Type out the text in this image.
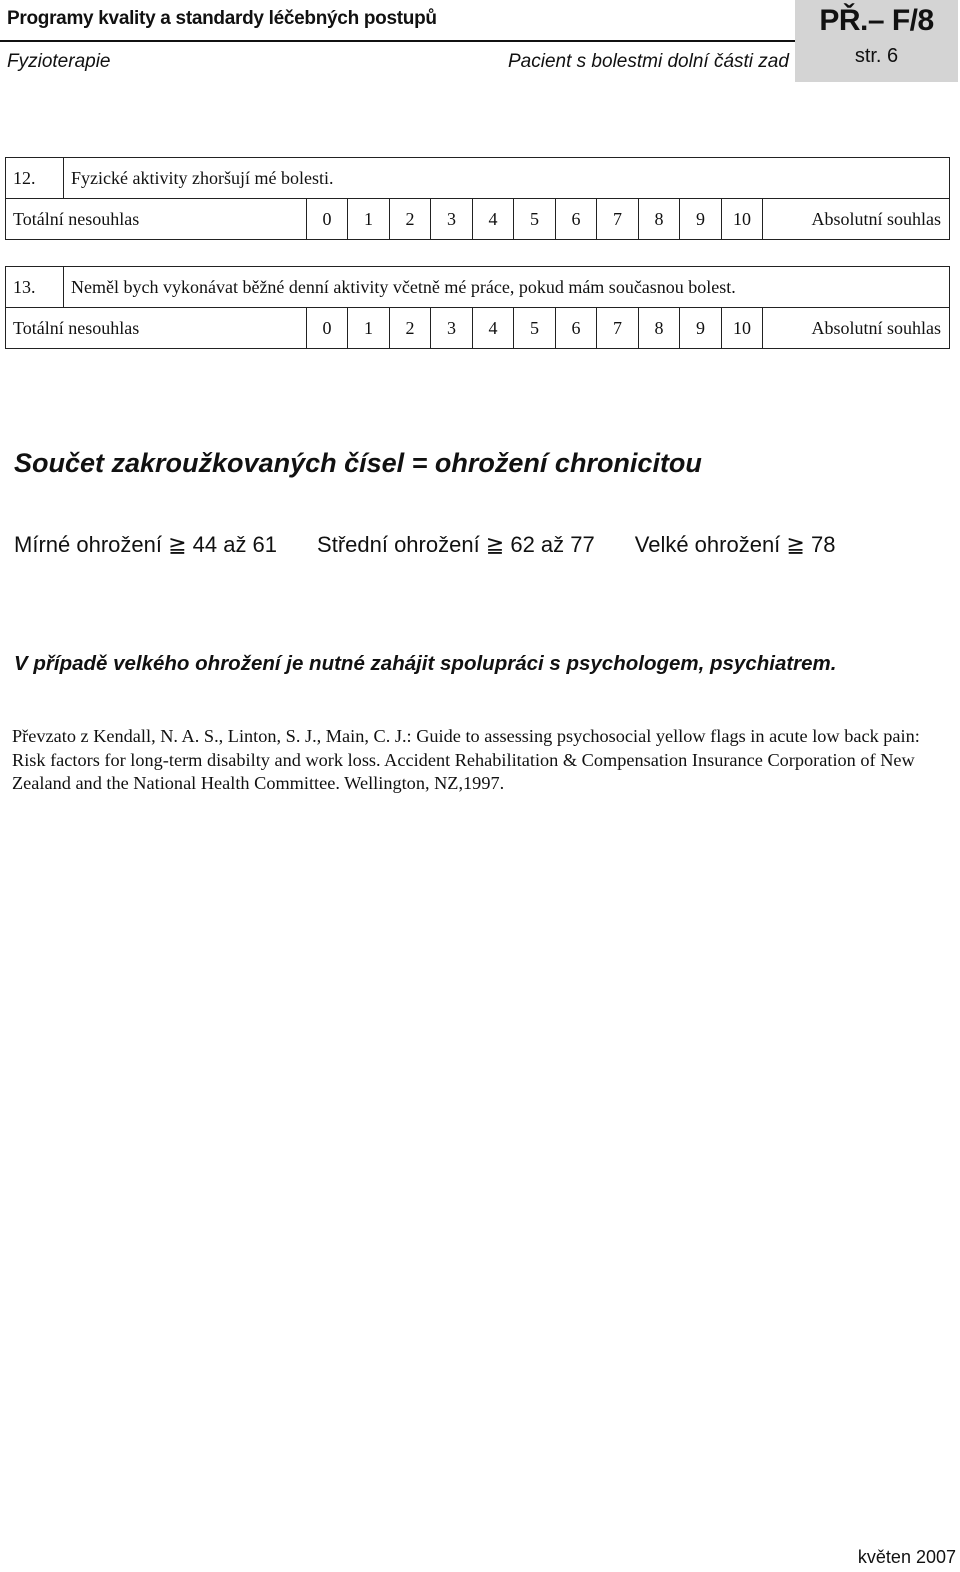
Programy kvality a standardy léčebných postupů
Fyzioterapie	Pacient s bolestmi dolní části zad
PŘ.– F/8
str. 6
12.	Fyzické aktivity zhoršují mé bolesti.												
Totální nesouhlas		0	1	2	3	4	5	6	7	8	9	10	Absolutní souhlas
13.	Neměl bych vykonávat běžné denní aktivity včetně mé práce, pokud mám současnou bolest.												
Totální nesouhlas		0	1	2	3	4	5	6	7	8	9	10	Absolutní souhlas
Součet zakroužkovaných čísel = ohrožení chronicitou
Mírné ohrožení ≧ 44 až 61 Střední ohrožení ≧ 62 až 77 Velké ohrožení ≧ 78
V případě velkého ohrožení je nutné zahájit spolupráci s psychologem, psychiatrem.
Převzato z Kendall, N. A. S., Linton, S. J., Main, C. J.: Guide to assessing psychosocial yellow flags in acute low back pain: Risk factors for long-term disabilty and work loss. Accident Rehabilitation & Compensation Insurance Corporation of New Zealand and the National Health Committee. Wellington, NZ,1997.
květen 2007
